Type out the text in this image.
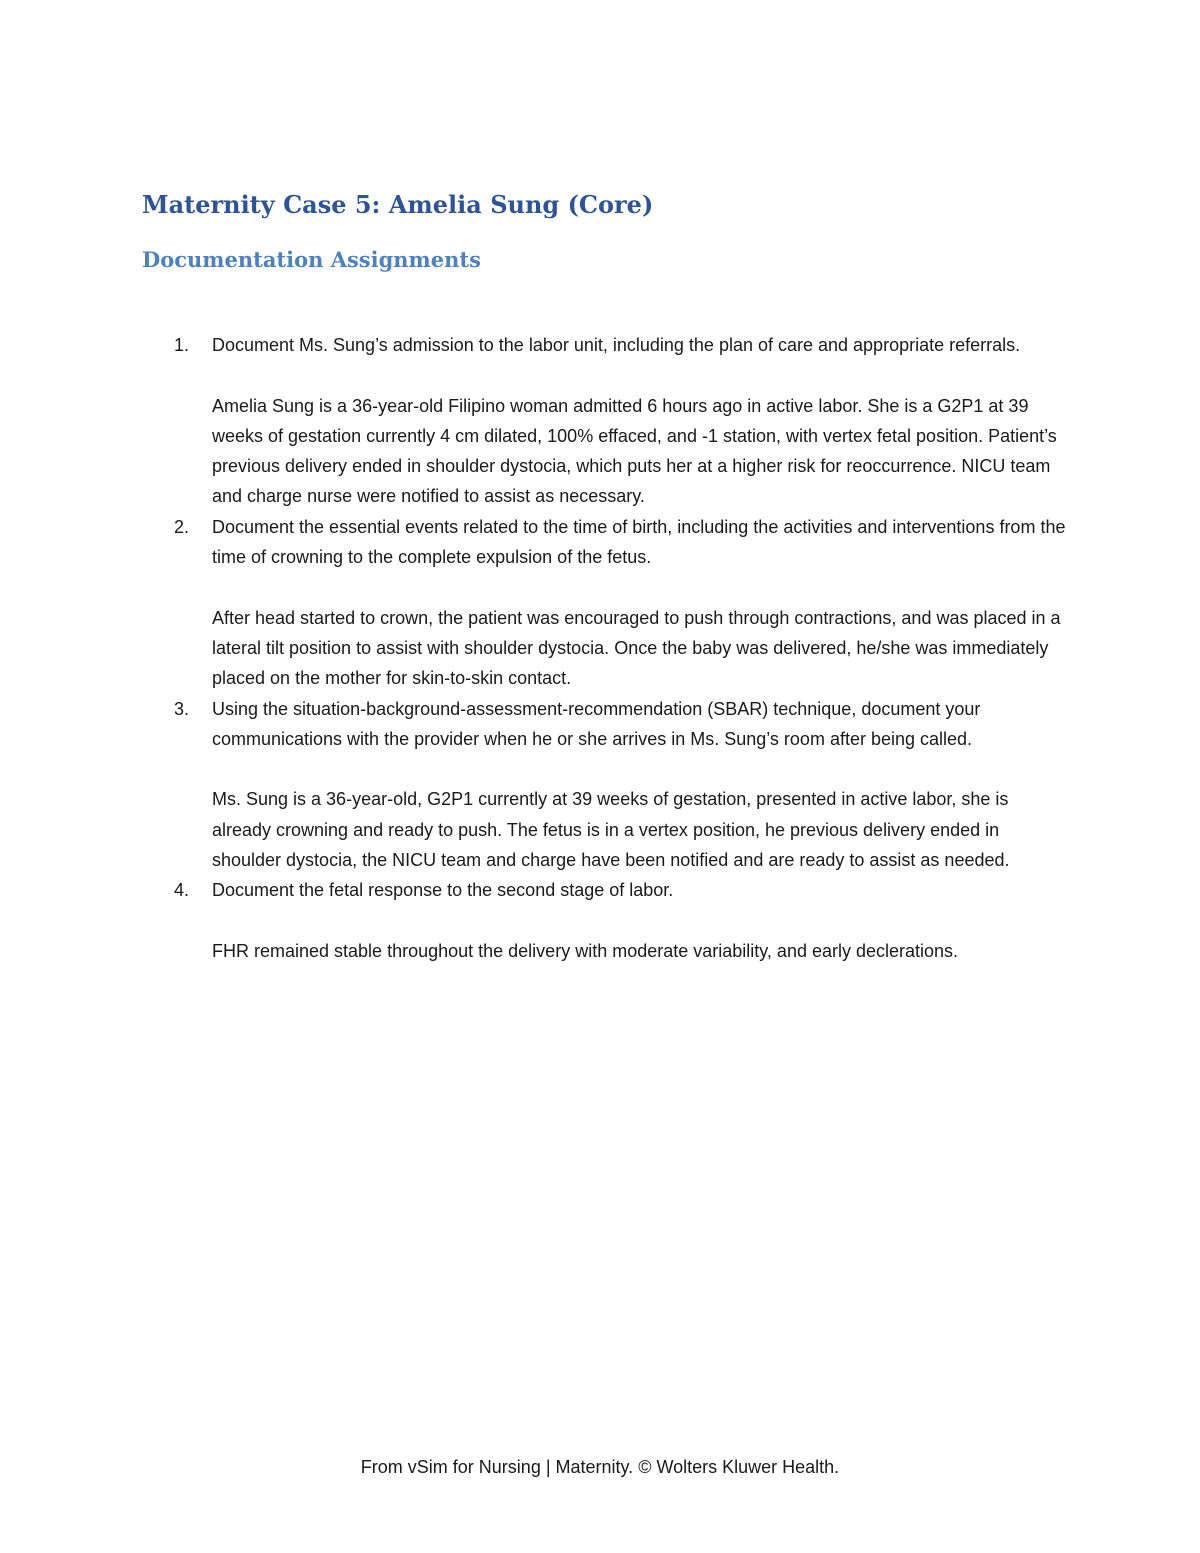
Maternity Case 5: Amelia Sung (Core)
Documentation Assignments
1. Document Ms. Sung’s admission to the labor unit, including the plan of care and appropriate referrals.
Amelia Sung is a 36-year-old Filipino woman admitted 6 hours ago in active labor. She is a G2P1 at 39 weeks of gestation currently 4 cm dilated, 100% effaced, and -1 station, with vertex fetal position. Patient’s previous delivery ended in shoulder dystocia, which puts her at a higher risk for reoccurrence. NICU team and charge nurse were notified to assist as necessary.
2. Document the essential events related to the time of birth, including the activities and interventions from the time of crowning to the complete expulsion of the fetus.
After head started to crown, the patient was encouraged to push through contractions, and was placed in a lateral tilt position to assist with shoulder dystocia. Once the baby was delivered, he/she was immediately placed on the mother for skin-to-skin contact.
3. Using the situation-background-assessment-recommendation (SBAR) technique, document your communications with the provider when he or she arrives in Ms. Sung’s room after being called.
Ms. Sung is a 36-year-old, G2P1 currently at 39 weeks of gestation, presented in active labor, she is already crowning and ready to push. The fetus is in a vertex position, he previous delivery ended in shoulder dystocia, the NICU team and charge have been notified and are ready to assist as needed.
4. Document the fetal response to the second stage of labor.
FHR remained stable throughout the delivery with moderate variability, and early declerations.
From vSim for Nursing | Maternity. © Wolters Kluwer Health.
